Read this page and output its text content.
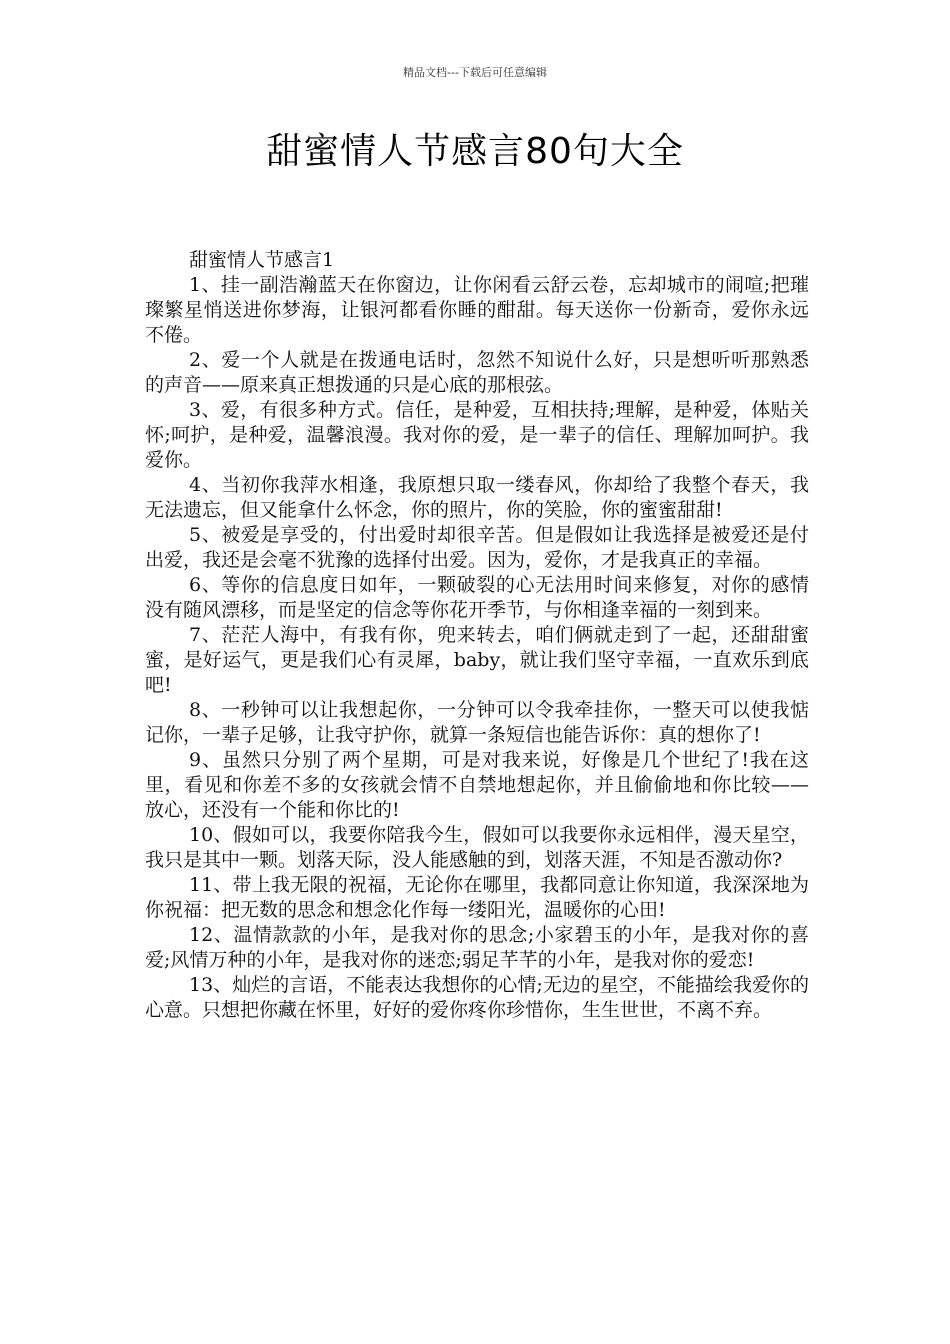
精品文档---下载后可任意编辑
甜蜜情人节感言80句大全

甜蜜情人节感言1

1、挂一副浩瀚蓝天在你窗边，让你闲看云舒云卷，忘却城市的闹喧;把璀璨繁星悄送进你梦海，让银河都看你睡的酣甜。每天送你一份新奇，爱你永远不倦。

2、爱一个人就是在拨通电话时，忽然不知说什么好，只是想听听那熟悉的声音——原来真正想拨通的只是心底的那根弦。

3、爱，有很多种方式。信任，是种爱，互相扶持;理解，是种爱，体贴关怀;呵护，是种爱，温馨浪漫。我对你的爱，是一辈子的信任、理解加呵护。我爱你。

4、当初你我萍水相逢，我原想只取一缕春风，你却给了我整个春天，我无法遗忘，但又能拿什么怀念，你的照片，你的笑脸，你的蜜蜜甜甜!

5、被爱是享受的，付出爱时却很辛苦。但是假如让我选择是被爱还是付出爱，我还是会毫不犹豫的选择付出爱。因为，爱你，才是我真正的幸福。

6、等你的信息度日如年，一颗破裂的心无法用时间来修复，对你的感情没有随风漂移，而是坚定的信念等你花开季节，与你相逢幸福的一刻到来。

7、茫茫人海中，有我有你，兜来转去，咱们俩就走到了一起，还甜甜蜜蜜，是好运气，更是我们心有灵犀，baby，就让我们坚守幸福，一直欢乐到底吧!

8、一秒钟可以让我想起你，一分钟可以令我牵挂你，一整天可以使我惦记你，一辈子足够，让我守护你，就算一条短信也能告诉你：真的想你了!

9、虽然只分别了两个星期，可是对我来说，好像是几个世纪了!我在这里，看见和你差不多的女孩就会情不自禁地想起你，并且偷偷地和你比较——放心，还没有一个能和你比的!

10、假如可以，我要你陪我今生，假如可以我要你永远相伴，漫天星空，我只是其中一颗。划落天际，没人能感触的到，划落天涯，不知是否激动你?

11、带上我无限的祝福，无论你在哪里，我都同意让你知道，我深深地为你祝福：把无数的思念和想念化作每一缕阳光，温暖你的心田!

12、温情款款的小年，是我对你的思念;小家碧玉的小年，是我对你的喜爱;风情万种的小年，是我对你的迷恋;弱足芊芊的小年，是我对你的爱恋!

13、灿烂的言语，不能表达我想你的心情;无边的星空，不能描绘我爱你的心意。只想把你藏在怀里，好好的爱你疼你珍惜你，生生世世，不离不弃。
